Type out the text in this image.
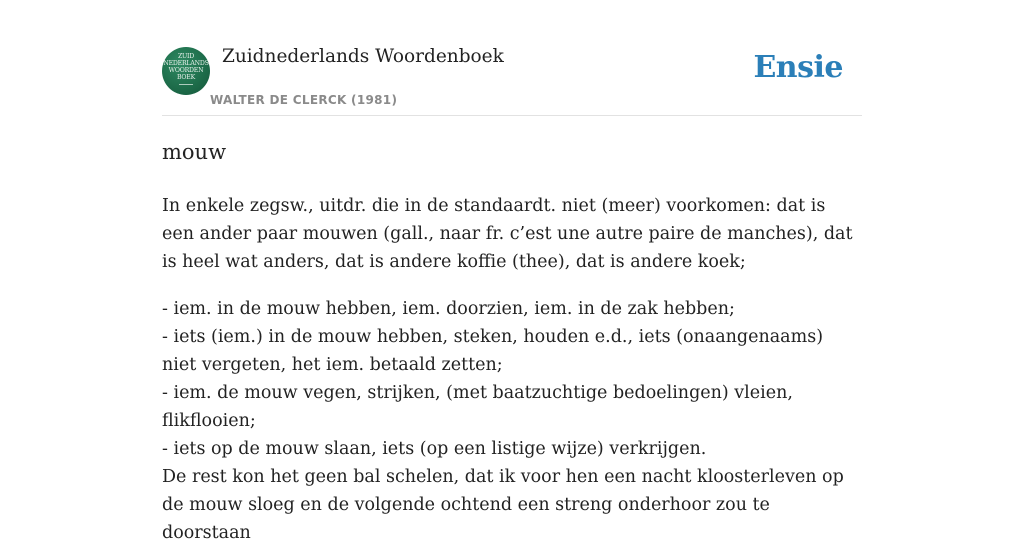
ZUID
NEDERLANDS
WOORDEN
BOEK
Zuidnederlands Woordenboek
WALTER DE CLERCK (1981)
Ensie
mouw

In enkele zegsw., uitdr. die in de standaardt. niet (meer) voorkomen: dat is een ander paar mouwen (gall., naar fr. c’est une autre paire de manches), dat is heel wat anders, dat is andere koffie (thee), dat is andere koek;

- iem. in de mouw hebben, iem. doorzien, iem. in de zak hebben;
- iets (iem.) in de mouw hebben, steken, houden e.d., iets (onaangenaams) niet vergeten, het iem. betaald zetten;
- iem. de mouw vegen, strijken, (met baatzuchtige bedoelingen) vleien, flikflooien;
- iets op de mouw slaan, iets (op een listige wijze) verkrijgen.

De rest kon het geen bal schelen, dat ik voor hen een nacht kloosterleven op de mouw sloeg en de volgende ochtend een streng onderhoor zou te doorstaan
